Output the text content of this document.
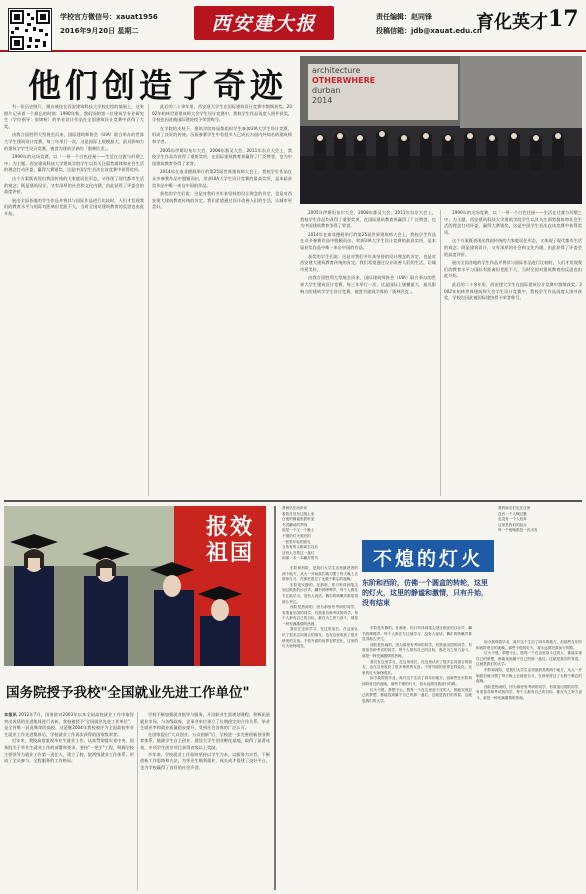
学校官方微信号：xauat1956
2016年9月20日 星期二	西安建大报	责任编辑：赵同锋
投稿信箱：jdb@xauat.edu.cn
育化英才 17
他们创造了奇迹

有一张历史照片，摄自被挂在西安建筑科技大学校史馆的墙展上，这张照片记录着一个难忘的时刻：1990年秋，我们国的第一位建筑学专业研究生（学位指导：张锦秋）的毕业设计作品在全国建筑设计竞赛中获得了大奖。

由我合国胜利大型展会而来，国际建筑师协会（UIA）联合举办的世界大学生建筑设计竞赛，每三年举行一次，这是国际上规模最大、最具影响力的建筑学学生设计竞赛，被誉为建筑学界的「奥林匹克」。

1990年的这场竞赛，以「一带一个白色住屋——生活在过渡与形塑之中」为主题。西安建筑科技大学建筑学院学生以其关注弱势群体和社会生活的理念打动评委，赢得大赛银奖，这是中国学生首次在该竞赛中获得奖项。

这个方案既表现出我国传统的大家庭居住形态，又体现了现代都市生活的观念；既是建筑设计，又有深厚的社会和文化内涵，由此获得了评委会的高度评价。

展出全国各地的学生作品并将其与国际作品进行比较时，人们才发现我们的教育水平与国际有距离但差距不大，当时全国对建筑教育的反思也由此开始。

此后的二十余年里，西安建大学生在国际建筑设计竞赛中频频获奖。2002年柏林世界建筑师大会学生设计竞赛中，我校学生作品再度入围并获奖，学校也因此被国际建协授予荣誉称号。

在学院的支持下，建筑学院每届都组织学生参加UIA大学生设计竞赛，形成了良好的传统。历届参赛学生中有很多人已成长为国内外知名的建筑师和学者。

2005年伊斯坦布尔大会、2008年都灵大会、2011年东京大会上，我校学生作品均获得了重要奖项，在国际建筑教育界赢得了广泛赞誉，也为中国建筑教育争得了荣誉。

2014年在南非德班举行的第25届世界建筑师大会上，我校学生作品在众多参赛作品中脱颖而出，荣获UIA大学生设计竞赛的最高奖项，是本届获奖作品中唯一来自中国的作品。

获奖的学生们说：这是对我们多年来坚持的设计理念的肯定，也是对西安建大建筑教育传统的肯定。我们希望通过设计改善人们的生活，让城市更美好。

architecture
OTHERWHERE
durban
2014

2005年伊斯坦布尔大会、2008年都灵大会、2011年东京大会上，我校学生作品均获得了重要奖项，在国际建筑教育界赢得了广泛赞誉，也为中国建筑教育争得了荣誉。

2014年在南非德班举行的第25届世界建筑师大会上，我校学生作品在众多参赛作品中脱颖而出，荣获UIA大学生设计竞赛的最高奖项，是本届获奖作品中唯一来自中国的作品。

获奖的学生们说：这是对我们多年来坚持的设计理念的肯定，也是对西安建大建筑教育传统的肯定。我们希望通过设计改善人们的生活，让城市更美好。

由我合国胜利大型展会而来，国际建筑师协会（UIA）联合举办的世界大学生建筑设计竞赛，每三年举行一次，这是国际上规模最大、最具影响力的建筑学学生设计竞赛，被誉为建筑学界的「奥林匹克」。

1990年的这场竞赛，以「一带一个白色住屋——生活在过渡与形塑之中」为主题。西安建筑科技大学建筑学院学生以其关注弱势群体和社会生活的理念打动评委，赢得大赛银奖，这是中国学生首次在该竞赛中获得奖项。

这个方案既表现出我国传统的大家庭居住形态，又体现了现代都市生活的观念；既是建筑设计，又有深厚的社会和文化内涵，由此获得了评委会的高度评价。

展出全国各地的学生作品并将其与国际作品进行比较时，人们才发现我们的教育水平与国际有距离但差距不大，当时全国对建筑教育的反思也由此开始。

此后的二十余年里，西安建大学生在国际建筑设计竞赛中频频获奖。2002年柏林世界建筑师大会学生设计竞赛中，我校学生作品再度入围并获奖，学校也因此被国际建协授予荣誉称号。

报效祖国
国务院授予我校"全国就业先进工作单位"

本报讯 2012年7月，国务院对2003年以来全国高校就业工作中取得突出成绩的先进集体进行表彰，我校被授予"全国就业先进工作单位"，是全省唯一获此殊荣的高校。这是继2004年我校被评为全国高校毕业生就业工作先进集体后，学校就业工作再次获得的国家级荣誉。

近年来，我校高度重视毕业生就业工作，认真贯彻落实党中央、国务院关于毕业生就业工作的部署和要求，坚持"一把手"工程，明确学校主要领导为就业工作第一责任人，建立了校、院两级就业工作体系，形成了全员参与、全程服务的工作格局。

学校不断加强就业指导与服务，开设职业生涯规划课程，积极拓展就业市场，与各级政府、企事业单位建立了长期稳定的合作关系，毕业生就业率和就业质量稳步提升，受到社会各界的广泛认可。

在国家提出"大众创业、万众创新"后，学校进一步完善创新创业教育体系，鼓励学生自主创业，建设大学生创业孵化基地，取得了显著成效，多项学生创业项目获得省级以上奖励。

多年来，学校就业工作始终坚持以学生为本，以服务为宗旨，不断创新工作思路和方法，为毕业生顺利就业、成长成才搭建了良好平台，也为学校赢得了良好的社会声誉。

我就站在西阶前

看着月亮东边爬上来

在夜的静谧里我听见

书页翻动的声响

那是一个又一个晚上

不熄的灯火照亮的

一张张年轻的面孔

当所有的人都离去以后

还有人守着这一盏灯

和那一本一本翻开的书

东阶和西阶，是我们大学生活里最熟悉的两个地方，从大一开始我们就习惯了每天晚上去那里自习，在那里度过了无数个难忘的夜晚。

东阶是安静的。在那里，你只听得到笔尖划过纸张的沙沙声，翻书的哗哗声，每个人都在专注地学习，没有人说话，偶尔的咳嗽声都显得那么突兀。

西阶是热闹的。因为那里有考研的同学，有准备出国的同学，有准备各种考试的同学，每个人都有自己的目标，都在为之努力奋斗，那是一种充满激情的热闹。

我们在这里学习，在这里成长，在这里认识了很多志同道合的朋友，也在这里收获了很多珍贵的友谊。不管外面的世界怎样变化，这里的灯火始终明亮。

不熄的灯火
东阶和西阶，仿佛一个圆盒的转轮，这里的灯火，这里的静谧和激情，只有升始，没有结束

我的朋友们也在这里

没有一个人喊过累

也没有一个人放弃

这里是我们的起点

每一个夜晚都是一次出发

东阶是安静的。在那里，你只听得到笔尖划过纸张的沙沙声，翻书的哗哗声，每个人都在专注地学习，没有人说话，偶尔的咳嗽声都显得那么突兀。

西阶是热闹的。因为那里有考研的同学，有准备出国的同学，有准备各种考试的同学，每个人都有自己的目标，都在为之努力奋斗，那是一种充满激情的热闹。

我们在这里学习，在这里成长，在这里认识了很多志同道合的朋友，也在这里收获了很多珍贵的友谊。不管外面的世界怎样变化，这里的灯火始终明亮。

如今我即将毕业，离开这个生活了四年的地方，但那些在东阶和西阶度过的夜晚，那些不熄的灯火，将永远照亮我前行的路。

灯火不熄，梦想不止。愿每一个在这里奋斗过的人，都能实现自己的梦想，都能找到属于自己的那一盏灯。这就是我们的青春，这就是我们的大学。

如今我即将毕业，离开这个生活了四年的地方，但那些在东阶和西阶度过的夜晚，那些不熄的灯火，将永远照亮我前行的路。

灯火不熄，梦想不止。愿每一个在这里奋斗过的人，都能实现自己的梦想，都能找到属于自己的那一盏灯。这就是我们的青春，这就是我们的大学。

东阶和西阶，是我们大学生活里最熟悉的两个地方，从大一开始我们就习惯了每天晚上去那里自习，在那里度过了无数个难忘的夜晚。

西阶是热闹的。因为那里有考研的同学，有准备出国的同学，有准备各种考试的同学，每个人都有自己的目标，都在为之努力奋斗，那是一种充满激情的热闹。
